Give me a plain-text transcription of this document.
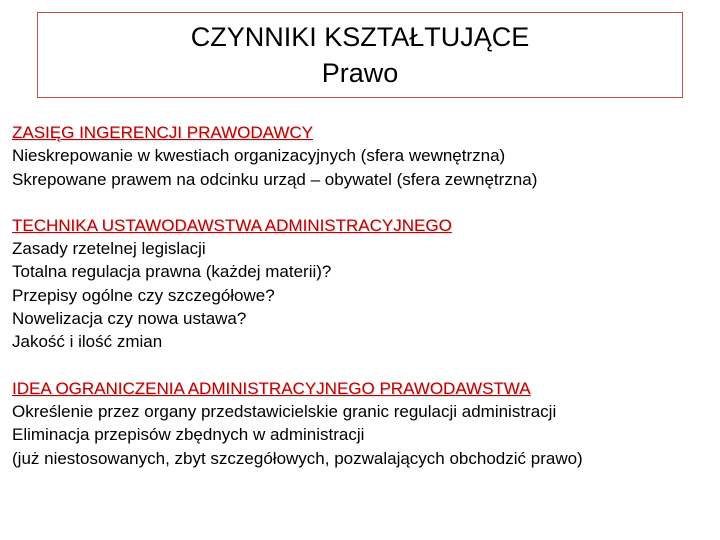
CZYNNIKI KSZTAŁTUJĄCE
Prawo
ZASIĘG INGERENCJI PRAWODAWCY
Nieskrepowanie w kwestiach organizacyjnych (sfera wewnętrzna)
Skrepowane prawem na odcinku urząd – obywatel (sfera zewnętrzna)
TECHNIKA USTAWODAWSTWA ADMINISTRACYJNEGO
Zasady rzetelnej legislacji
Totalna regulacja prawna (każdej materii)?
Przepisy ogólne czy szczegółowe?
Nowelizacja czy nowa ustawa?
Jakość i ilość zmian
IDEA OGRANICZENIA ADMINISTRACYJNEGO PRAWODAWSTWA
Określenie przez organy przedstawicielskie granic regulacji administracji
Eliminacja przepisów zbędnych w administracji
(już niestosowanych, zbyt szczegółowych, pozwalających obchodzić prawo)
